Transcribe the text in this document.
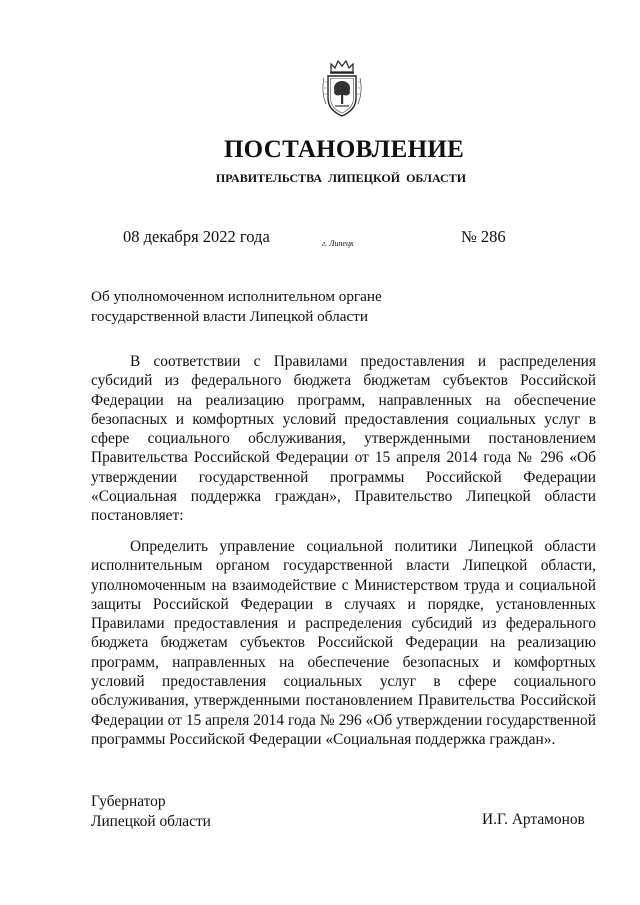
ПОСТАНОВЛЕНИЕ
ПРАВИТЕЛЬСТВА ЛИПЕЦКОЙ ОБЛАСТИ
08 декабря 2022 года	г. Липецк	№ 286
Об уполномоченном исполнительном органе
государственной власти Липецкой области

В соответствии с Правилами предоставления и распределения субсидий из федерального бюджета бюджетам субъектов Российской Федерации на реализацию программ, направленных на обеспечение безопасных и комфортных условий предоставления социальных услуг в сфере социального обслуживания, утвержденными постановлением Правительства Российской Федерации от 15 апреля 2014 года № 296 «Об утверждении государственной программы Российской Федерации «Социальная поддержка граждан», Правительство Липецкой области постановляет:

Определить управление социальной политики Липецкой области исполнительным органом государственной власти Липецкой области, уполномоченным на взаимодействие с Министерством труда и социальной защиты Российской Федерации в случаях и порядке, установленных Правилами предоставления и распределения субсидий из федерального бюджета бюджетам субъектов Российской Федерации на реализацию программ, направленных на обеспечение безопасных и комфортных условий предоставления социальных услуг в сфере социального обслуживания, утвержденными постановлением Правительства Российской Федерации от 15 апреля 2014 года № 296 «Об утверждении государственной программы Российской Федерации «Социальная поддержка граждан».

Губернатор
Липецкой области	И.Г. Артамонов
